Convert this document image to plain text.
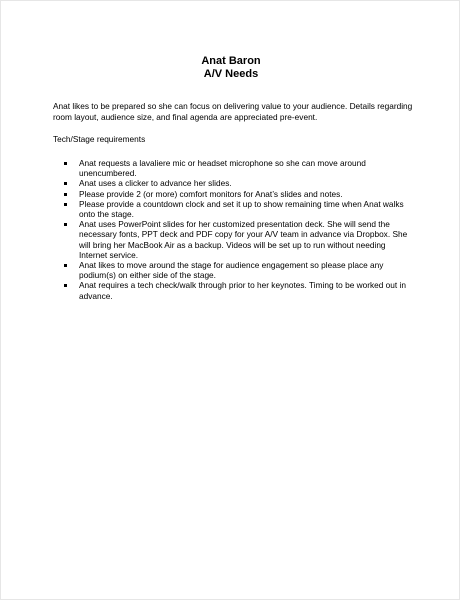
Anat Baron
A/V Needs

Anat likes to be prepared so she can focus on delivering value to your audience. Details regarding room layout, audience size, and final agenda are appreciated pre-event.

Tech/Stage requirements
Anat requests a lavaliere mic or headset microphone so she can move around unencumbered.
Anat uses a clicker to advance her slides.
Please provide 2 (or more) comfort monitors for Anat’s slides and notes.
Please provide a countdown clock and set it up to show remaining time when Anat walks onto the stage.
Anat uses PowerPoint slides for her customized presentation deck. She will send the necessary fonts, PPT deck and PDF copy for your A/V team in advance via Dropbox. She will bring her MacBook Air as a backup. Videos will be set up to run without needing Internet service.
Anat likes to move around the stage for audience engagement so please place any podium(s) on either side of the stage.
Anat requires a tech check/walk through prior to her keynotes. Timing to be worked out in advance.
